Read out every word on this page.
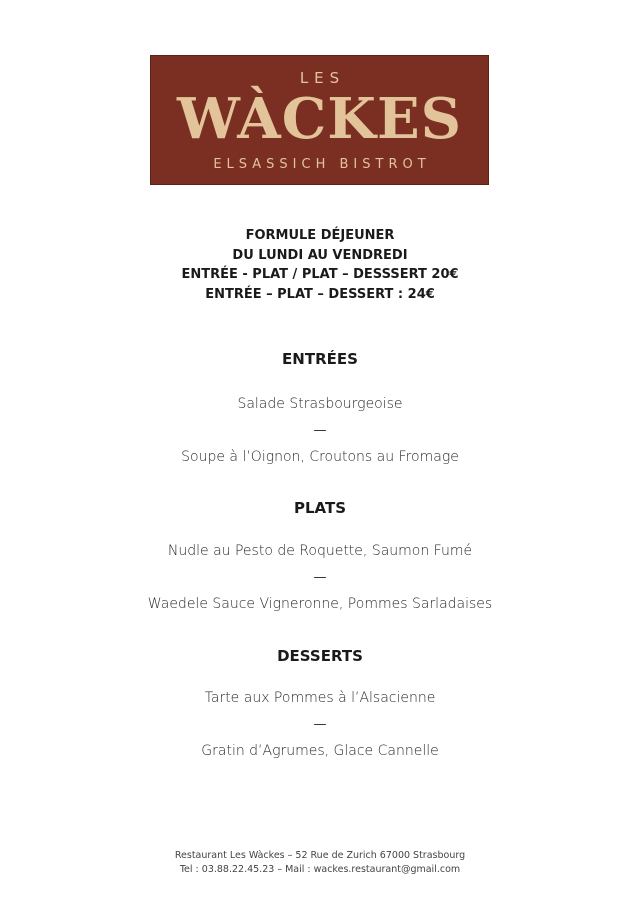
LES
WÀCKES
ELSASSICH BISTROT
FORMULE DÉJEUNER
DU LUNDI AU VENDREDI
ENTRÉE - PLAT / PLAT – DESSSERT 20€
ENTRÉE – PLAT – DESSERT : 24€
ENTRÉES
Salade Strasbourgeoise
—
Soupe à l’Oignon, Croutons au Fromage
PLATS
Nudle au Pesto de Roquette, Saumon Fumé
—
Waedele Sauce Vigneronne, Pommes Sarladaises
DESSERTS
Tarte aux Pommes à l’Alsacienne
—
Gratin d’Agrumes, Glace Cannelle
Restaurant Les Wàckes – 52 Rue de Zurich 67000 Strasbourg
Tel : 03.88.22.45.23 – Mail : wackes.restaurant@gmail.com
